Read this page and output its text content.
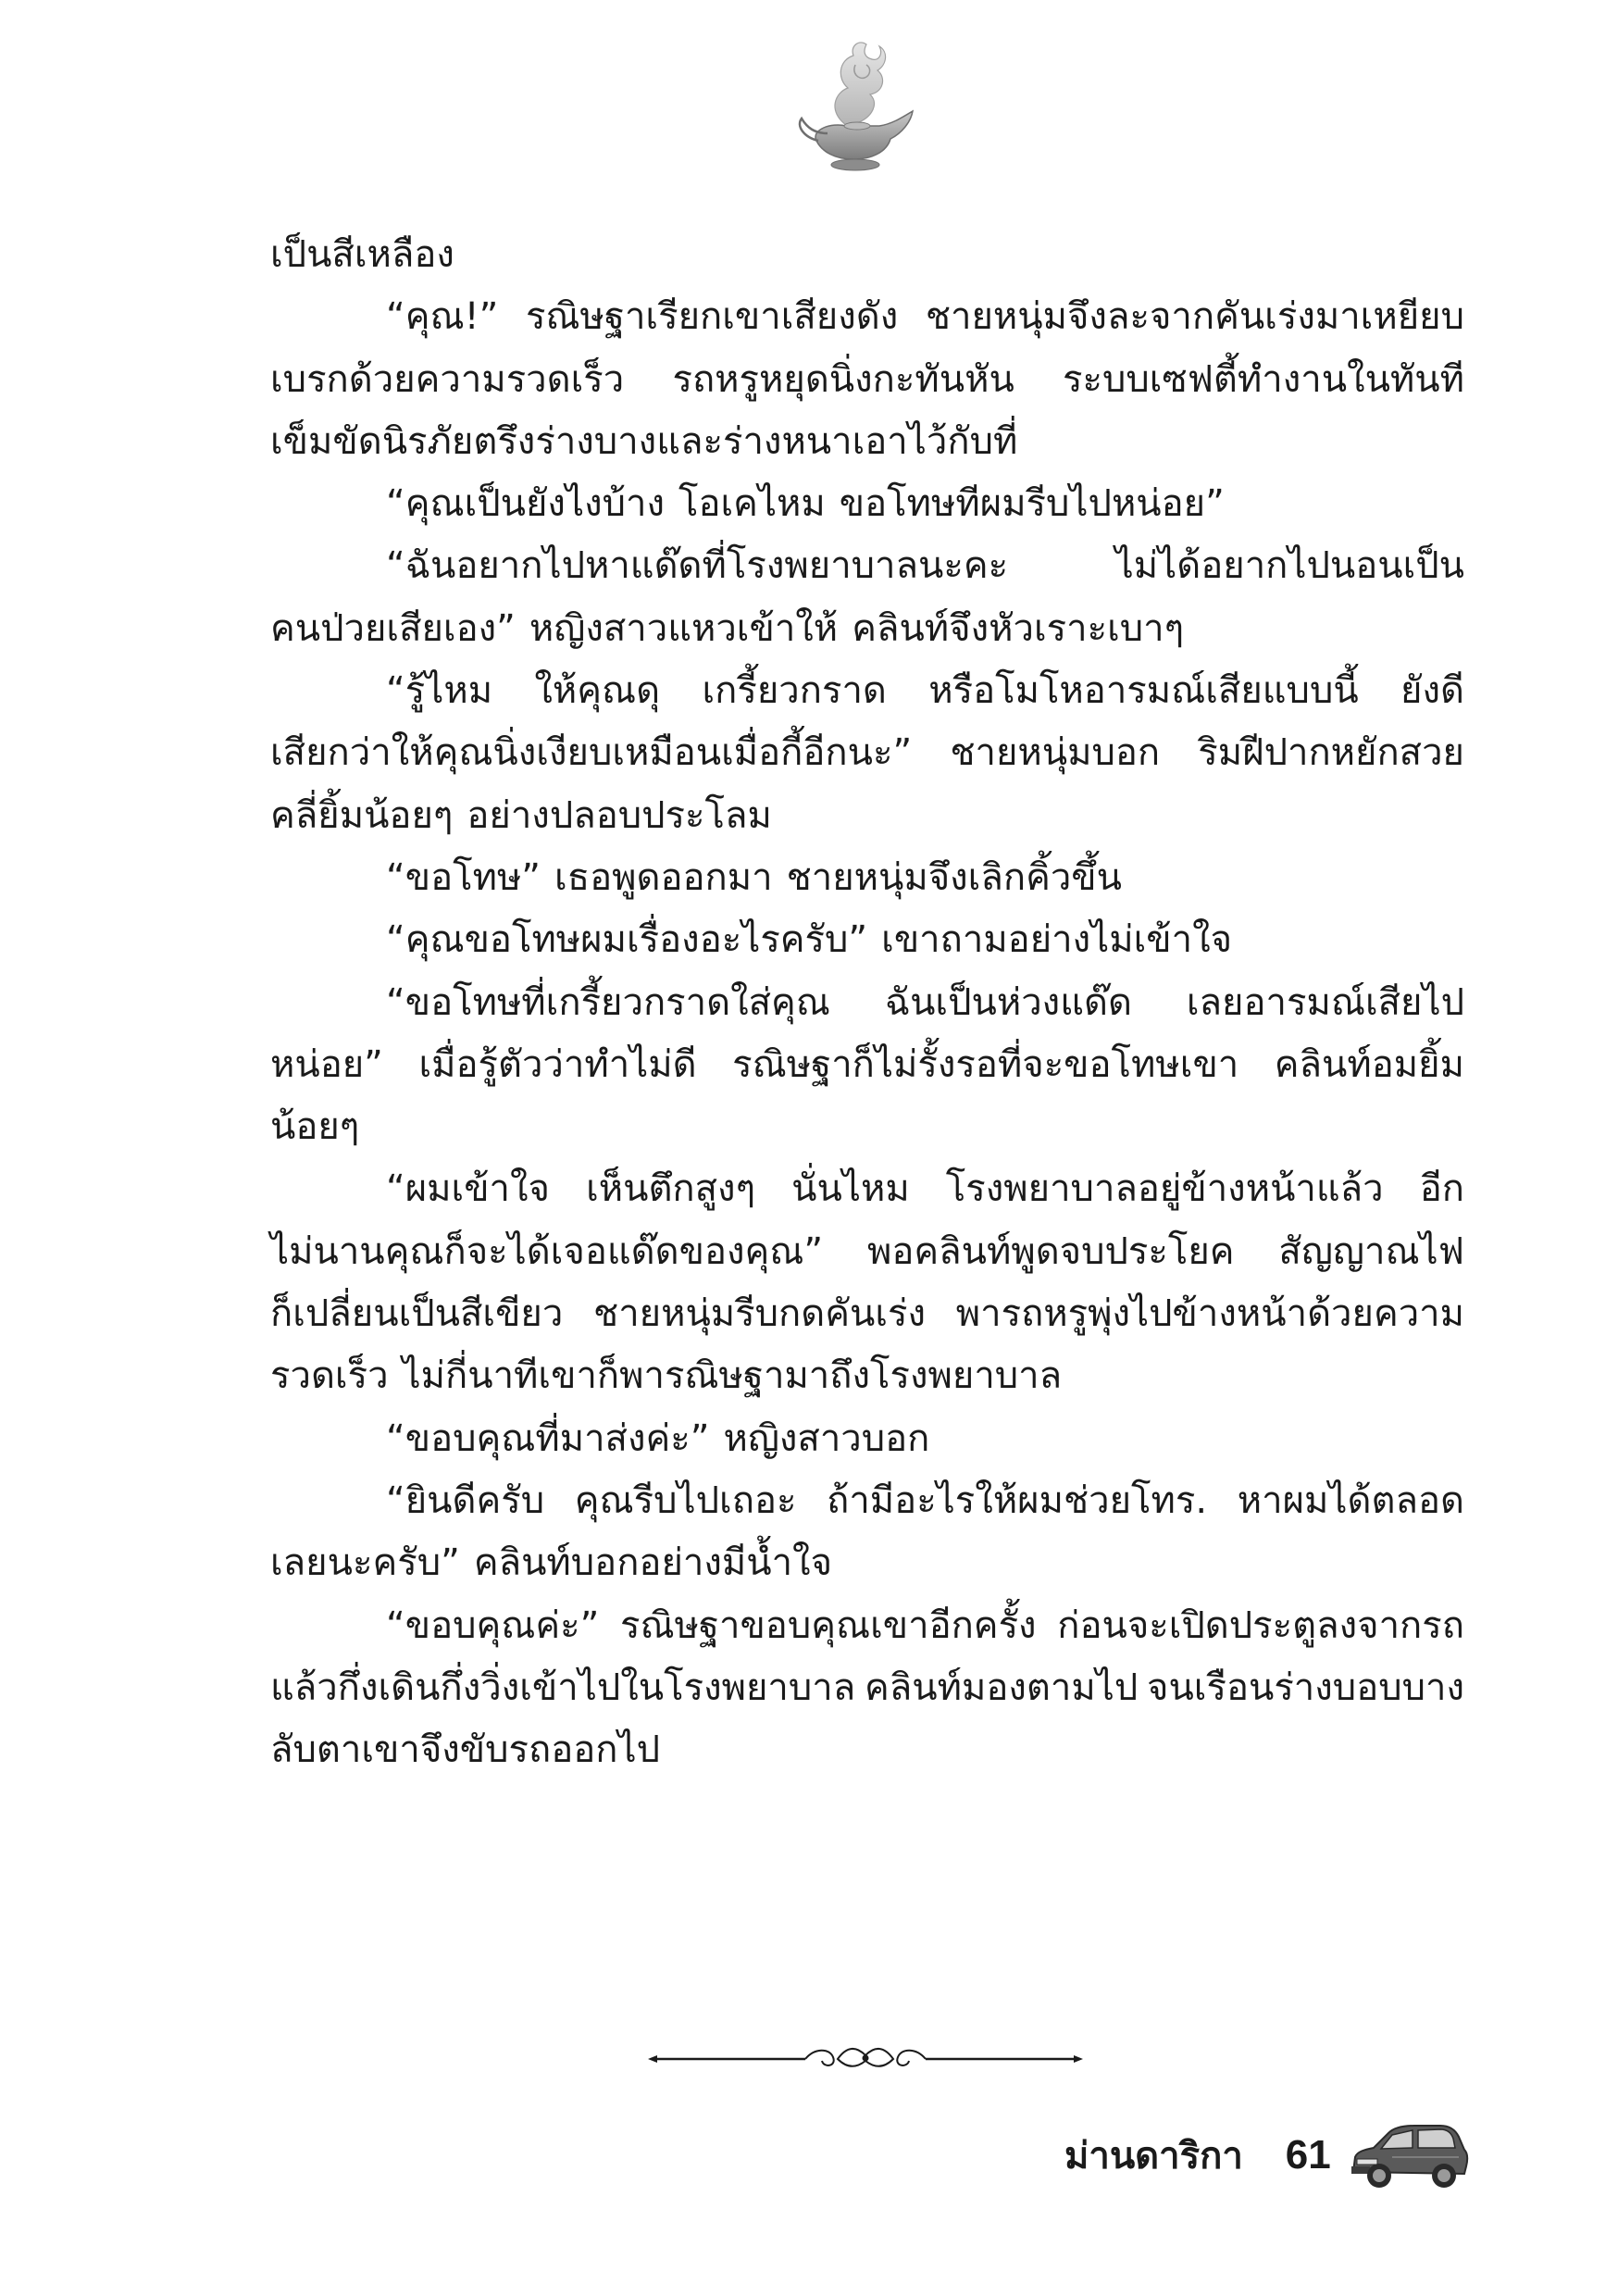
เป็นสีเหลือง
“คุณ!” รณิษฐาเรียกเขาเสียงดัง ชายหนุ่มจึงละจากคันเร่งมาเหยียบ
เบรกด้วยความรวดเร็ว รถหรูหยุดนิ่งกะทันหัน ระบบเซฟตี้ทำงานในทันที
เข็มขัดนิรภัยตรึงร่างบางและร่างหนาเอาไว้กับที่
“คุณเป็นยังไงบ้าง โอเคไหม ขอโทษทีผมรีบไปหน่อย”
“ฉันอยากไปหาแด๊ดที่โรงพยาบาลนะคะ	ไม่ได้อยากไปนอนเป็น
คนป่วยเสียเอง” หญิงสาวแหวเข้าให้ คลินท์จึงหัวเราะเบาๆ
“รู้ไหม ให้คุณดุ เกรี้ยวกราด หรือโมโหอารมณ์เสียแบบนี้ ยังดี
เสียกว่าให้คุณนิ่งเงียบเหมือนเมื่อกี้อีกนะ” ชายหนุ่มบอก ริมฝีปากหยักสวย
คลี่ยิ้มน้อยๆ อย่างปลอบประโลม
“ขอโทษ” เธอพูดออกมา ชายหนุ่มจึงเลิกคิ้วขึ้น
“คุณขอโทษผมเรื่องอะไรครับ” เขาถามอย่างไม่เข้าใจ
“ขอโทษที่เกรี้ยวกราดใส่คุณ ฉันเป็นห่วงแด๊ด เลยอารมณ์เสียไป
หน่อย” เมื่อรู้ตัวว่าทำไม่ดี รณิษฐาก็ไม่รั้งรอที่จะขอโทษเขา คลินท์อมยิ้ม
น้อยๆ
“ผมเข้าใจ เห็นตึกสูงๆ นั่นไหม โรงพยาบาลอยู่ข้างหน้าแล้ว อีก
ไม่นานคุณก็จะได้เจอแด๊ดของคุณ” พอคลินท์พูดจบประโยค สัญญาณไฟ
ก็เปลี่ยนเป็นสีเขียว ชายหนุ่มรีบกดคันเร่ง พารถหรูพุ่งไปข้างหน้าด้วยความ
รวดเร็ว ไม่กี่นาทีเขาก็พารณิษฐามาถึงโรงพยาบาล
“ขอบคุณที่มาส่งค่ะ” หญิงสาวบอก
“ยินดีครับ คุณรีบไปเถอะ ถ้ามีอะไรให้ผมช่วยโทร. หาผมได้ตลอด
เลยนะครับ” คลินท์บอกอย่างมีน้ำใจ
“ขอบคุณค่ะ” รณิษฐาขอบคุณเขาอีกครั้ง ก่อนจะเปิดประตูลงจากรถ
แล้วกึ่งเดินกึ่งวิ่งเข้าไปในโรงพยาบาล คลินท์มองตามไป จนเรือนร่างบอบบาง
ลับตาเขาจึงขับรถออกไป
ม่านดาริกา 61
